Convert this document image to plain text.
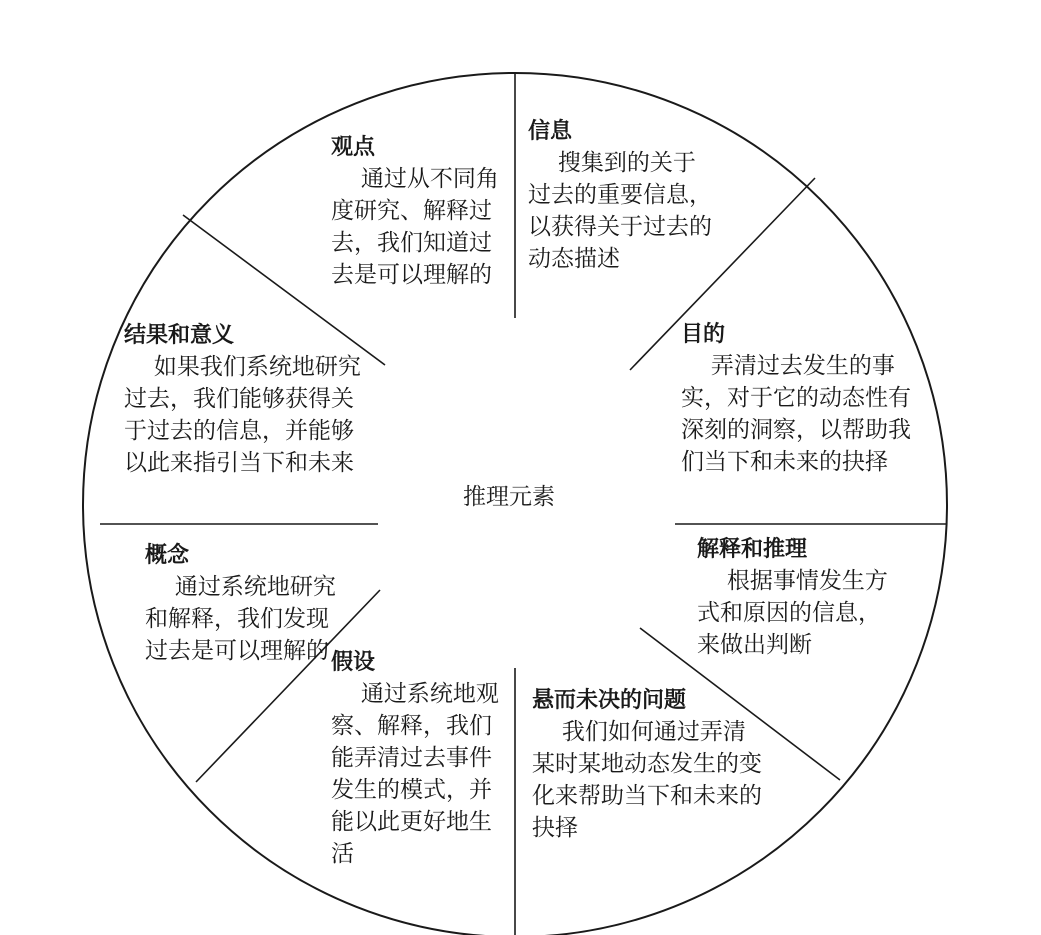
推理元素
观点
通过从不同角度研究、解释过去，我们知道过去是可以理解的
信息
搜集到的关于过去的重要信息，以获得关于过去的动态描述
目的
弄清过去发生的事实，对于它的动态性有深刻的洞察，以帮助我们当下和未来的抉择
解释和推理
根据事情发生方式和原因的信息，来做出判断
悬而未决的问题
我们如何通过弄清某时某地动态发生的变化来帮助当下和未来的抉择
假设
通过系统地观察、解释，我们能弄清过去事件发生的模式，并能以此更好地生活
概念
通过系统地研究和解释，我们发现过去是可以理解的
结果和意义
如果我们系统地研究过去，我们能够获得关于过去的信息，并能够以此来指引当下和未来
